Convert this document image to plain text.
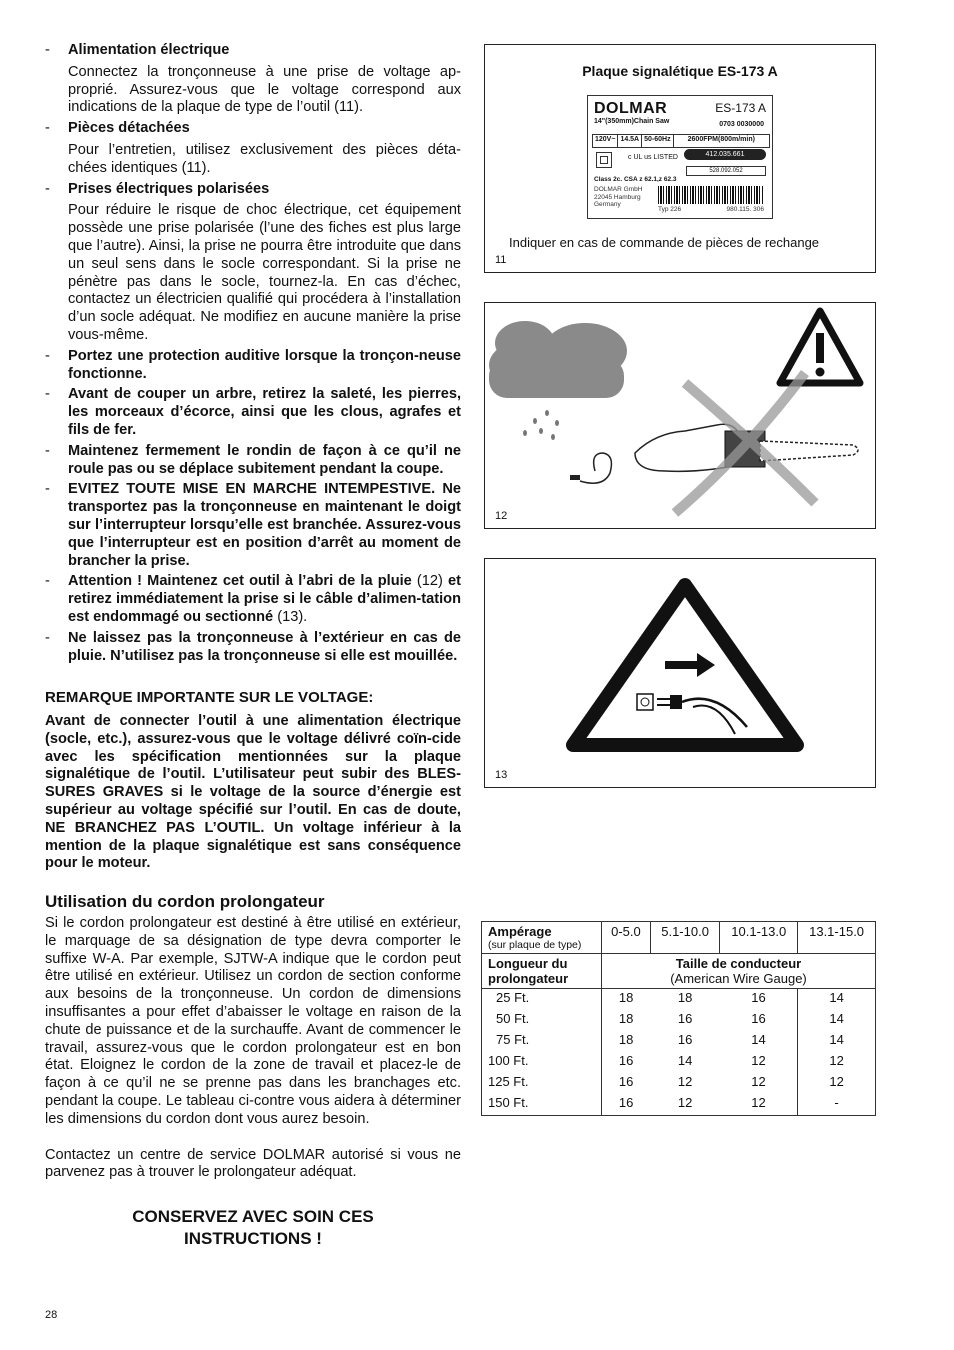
- Alimentation électrique

Connectez la tronçonneuse à une prise de voltage ap-proprié. Assurez-vous que le voltage correspond aux indications de la plaque de type de l’outil (11).

- Pièces détachées

Pour l’entretien, utilisez exclusivement des pièces déta-chées identiques (11).

- Prises électriques polarisées

Pour réduire le risque de choc électrique, cet équipement possède une prise polarisée (l’une des fiches est plus large que l’autre). Ainsi, la prise ne pourra être introduite que dans un seul sens dans le socle correspondant. Si la prise ne pénètre pas dans le socle, tournez-la. En cas d’échec, contactez un électricien qualifié qui procédera à l’installation d’un socle adéquat. Ne modifiez en aucune manière la prise vous-même.

- Portez une protection auditive lorsque la tronçon-neuse fonctionne.

- Avant de couper un arbre, retirez la saleté, les pierres, les morceaux d’écorce, ainsi que les clous, agrafes et fils de fer.

- Maintenez fermement le rondin de façon à ce qu’il ne roule pas ou se déplace subitement pendant la coupe.

- EVITEZ TOUTE MISE EN MARCHE INTEMPESTIVE. Ne transportez pas la tronçonneuse en maintenant le doigt sur l’interrupteur lorsqu’elle est branchée. Assurez-vous que l’interrupteur est en position d’arrêt au moment de brancher la prise.

- Attention ! Maintenez cet outil à l’abri de la pluie (12) et retirez immédiatement la prise si le câble d’alimen-tation est endommagé ou sectionné (13).

- Ne laissez pas la tronçonneuse à l’extérieur en cas de pluie. N’utilisez pas la tronçonneuse si elle est mouillée.

REMARQUE IMPORTANTE SUR LE VOLTAGE:

Avant de connecter l’outil à une alimentation électrique (socle, etc.), assurez-vous que le voltage délivré coïn-cide avec les spécification mentionnées sur la plaque signalétique de l’outil. L’utilisateur peut subir des BLES-SURES GRAVES si le voltage de la source d’énergie est supérieur au voltage spécifié sur l’outil. En cas de doute, NE BRANCHEZ PAS L’OUTIL. Un voltage inférieur à la mention de la plaque signalétique est sans conséquence pour le moteur.

Utilisation du cordon prolongateur

Si le cordon prolongateur est destiné à être utilisé en extérieur, le marquage de sa désignation de type devra comporter le suffixe W-A. Par exemple, SJTW-A indique que le cordon peut être utilisé en extérieur. Utilisez un cordon de section conforme aux besoins de la tronçonneuse. Un cordon de dimensions insuffisantes a pour effet d’abaisser le voltage en raison de la chute de puissance et de la surchauffe. Avant de commencer le travail, assurez-vous que le cordon prolongateur est en bon état. Eloignez le cordon de la zone de travail et placez-le de façon à ce qu’il ne se prenne pas dans les branchages etc. pendant la coupe. Le tableau ci-contre vous aidera à déterminer les dimensions du cordon dont vous aurez besoin.

Contactez un centre de service DOLMAR autorisé si vous ne parvenez pas à trouver le prolongateur adéquat.

CONSERVEZ AVEC SOIN CES
INSTRUCTIONS !
28
Plaque signalétique ES-173 A
DOLMAR	ES-173 A
14"(350mm)Chain Saw	0703 0030000
120V~ 14.5A 50-60Hz	2600FPM(800m/min)
c UL us LISTED	412.035.661
528.092.052
Class 2c. CSA z 62.1,z 62.3
DOLMAR GmbH
22045 Hamburg
Germany
Typ 226	980.115. 306
Indiquer en cas de commande de pièces de rechange
11
12
13
Ampérage
(sur plaque de type)	0-5.0	5.1-10.0	10.1-13.0	13.1-15.0
Longueur du prolongateur	Taille de conducteur
(American Wire Gauge)			

25 Ft.	18	18	16	14
50 Ft.	18	16	16	14
75 Ft.	18	16	14	14
100 Ft.	16	14	12	12
125 Ft.	16	12	12	12
150 Ft.	16	12	12	-
